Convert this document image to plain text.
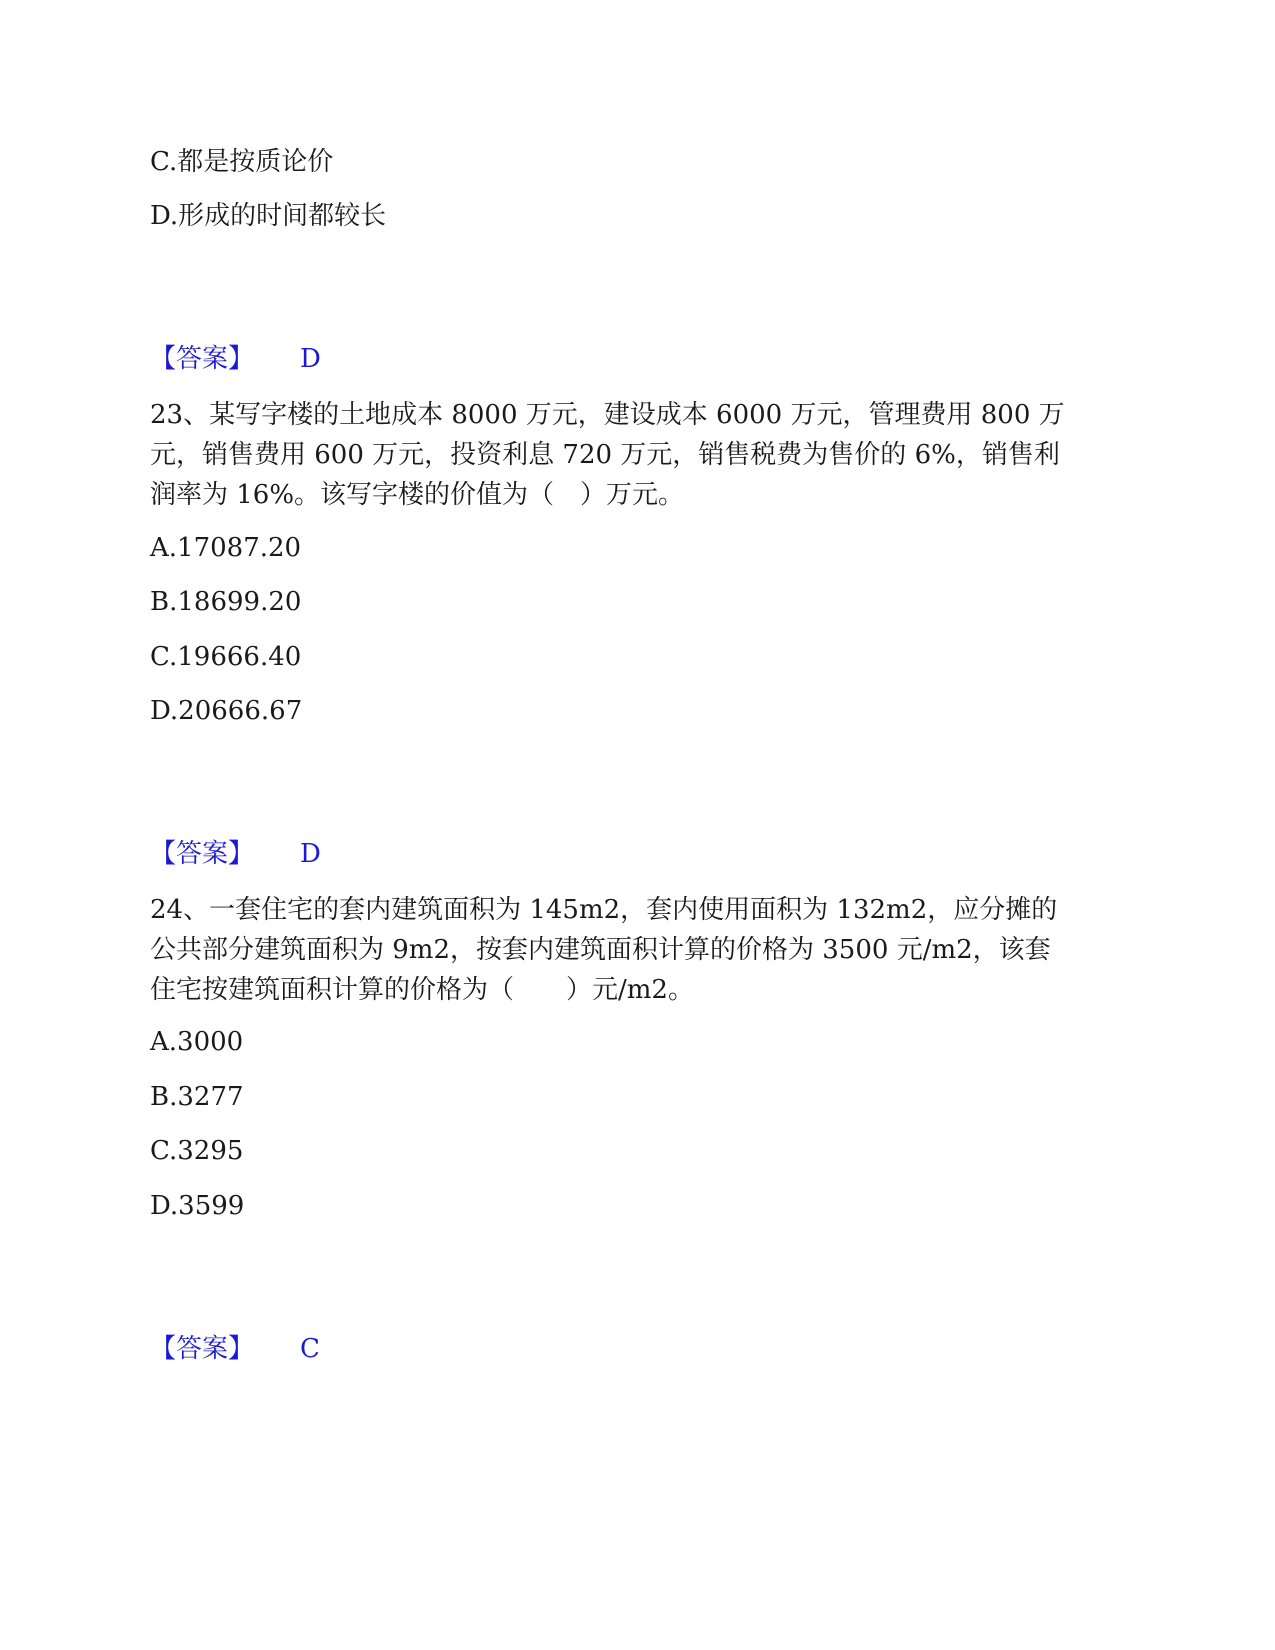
C.都是按质论价
D.形成的时间都较长
【答案】 D
23、某写字楼的土地成本 8000 万元，建设成本 6000 万元，管理费用 800 万
元，销售费用 600 万元，投资利息 720 万元，销售税费为售价的 6%，销售利
润率为 16%。该写字楼的价值为（　）万元。
A.17087.20
B.18699.20
C.19666.40
D.20666.67
【答案】 D
24、一套住宅的套内建筑面积为 145m2，套内使用面积为 132m2，应分摊的
公共部分建筑面积为 9m2，按套内建筑面积计算的价格为 3500 元/m2，该套
住宅按建筑面积计算的价格为（　　）元/m2。
A.3000
B.3277
C.3295
D.3599
【答案】 C
